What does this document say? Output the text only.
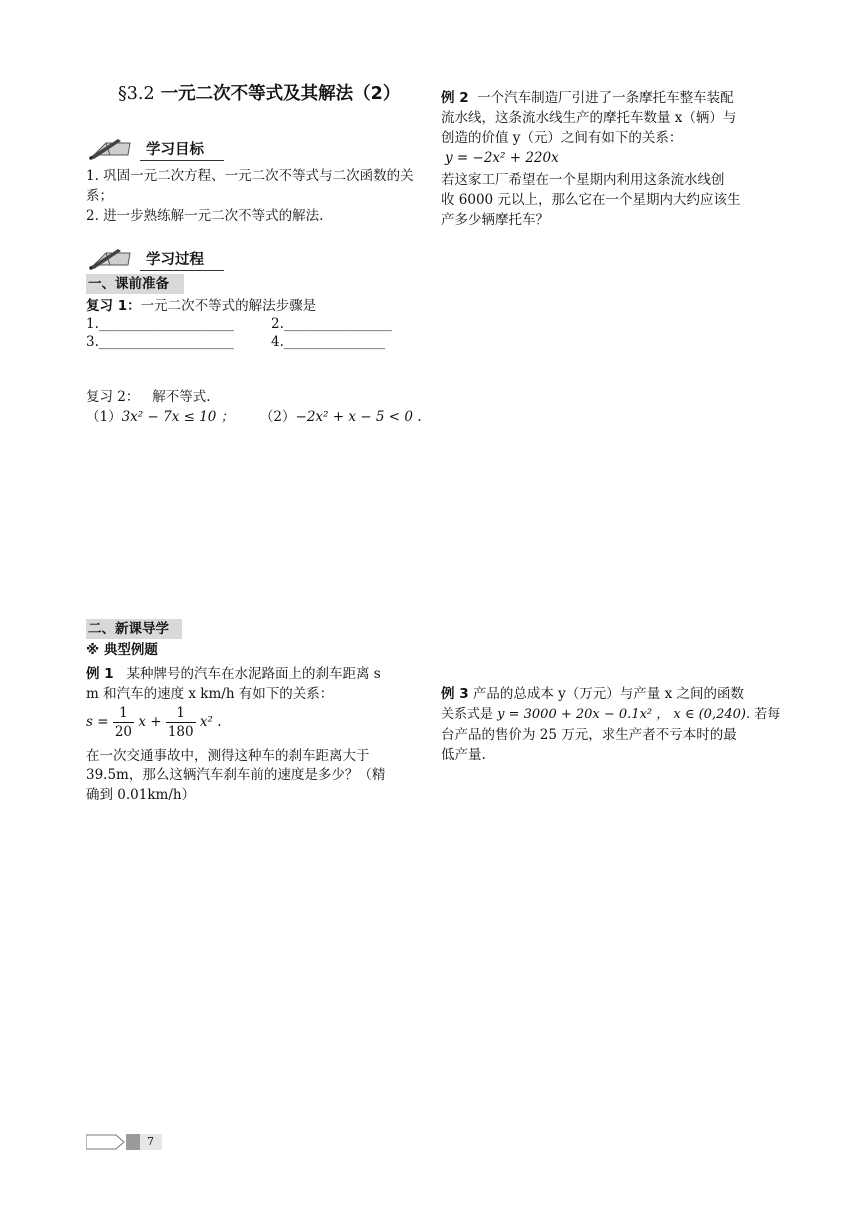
§3.2 一元二次不等式及其解法（2）
学习目标

1. 巩固一元二次方程、一元二次不等式与二次函数的关系；

2. 进一步熟练解一元二次不等式的解法.

学习过程
一、课前准备

复习 1：一元二次不等式的解法步骤是

1.____________________	2.________________

3.____________________	4._______________

复习 2： 解不等式.

（1）3x² − 7x ≤ 10 ； （2）−2x² + x − 5 < 0 .

二、新课导学

※ 典型例题

例 1 某种牌号的汽车在水泥路面上的刹车距离 s

m 和汽车的速度 x km/h 有如下的关系：

$s = \frac{1}{20}$ $x + \frac{1}{180} x^2$ .

在一次交通事故中，测得这种车的刹车距离大于

39.5m，那么这辆汽车刹车前的速度是多少？（精

确到 0.01km/h）

例 2 一个汽车制造厂引进了一条摩托车整车装配

流水线，这条流水线生产的摩托车数量 x（辆）与

创造的价值 y（元）之间有如下的关系：

y = −2x² + 220x

若这家工厂希望在一个星期内利用这条流水线创

收 6000 元以上，那么它在一个星期内大约应该生

产多少辆摩托车？

例 3 产品的总成本 y（万元）与产量 x 之间的函数

关系式是 y = 3000 + 20x − 0.1x² ， x ∈ (0,240). 若每

台产品的售价为 25 万元，求生产者不亏本时的最

低产量.

7
